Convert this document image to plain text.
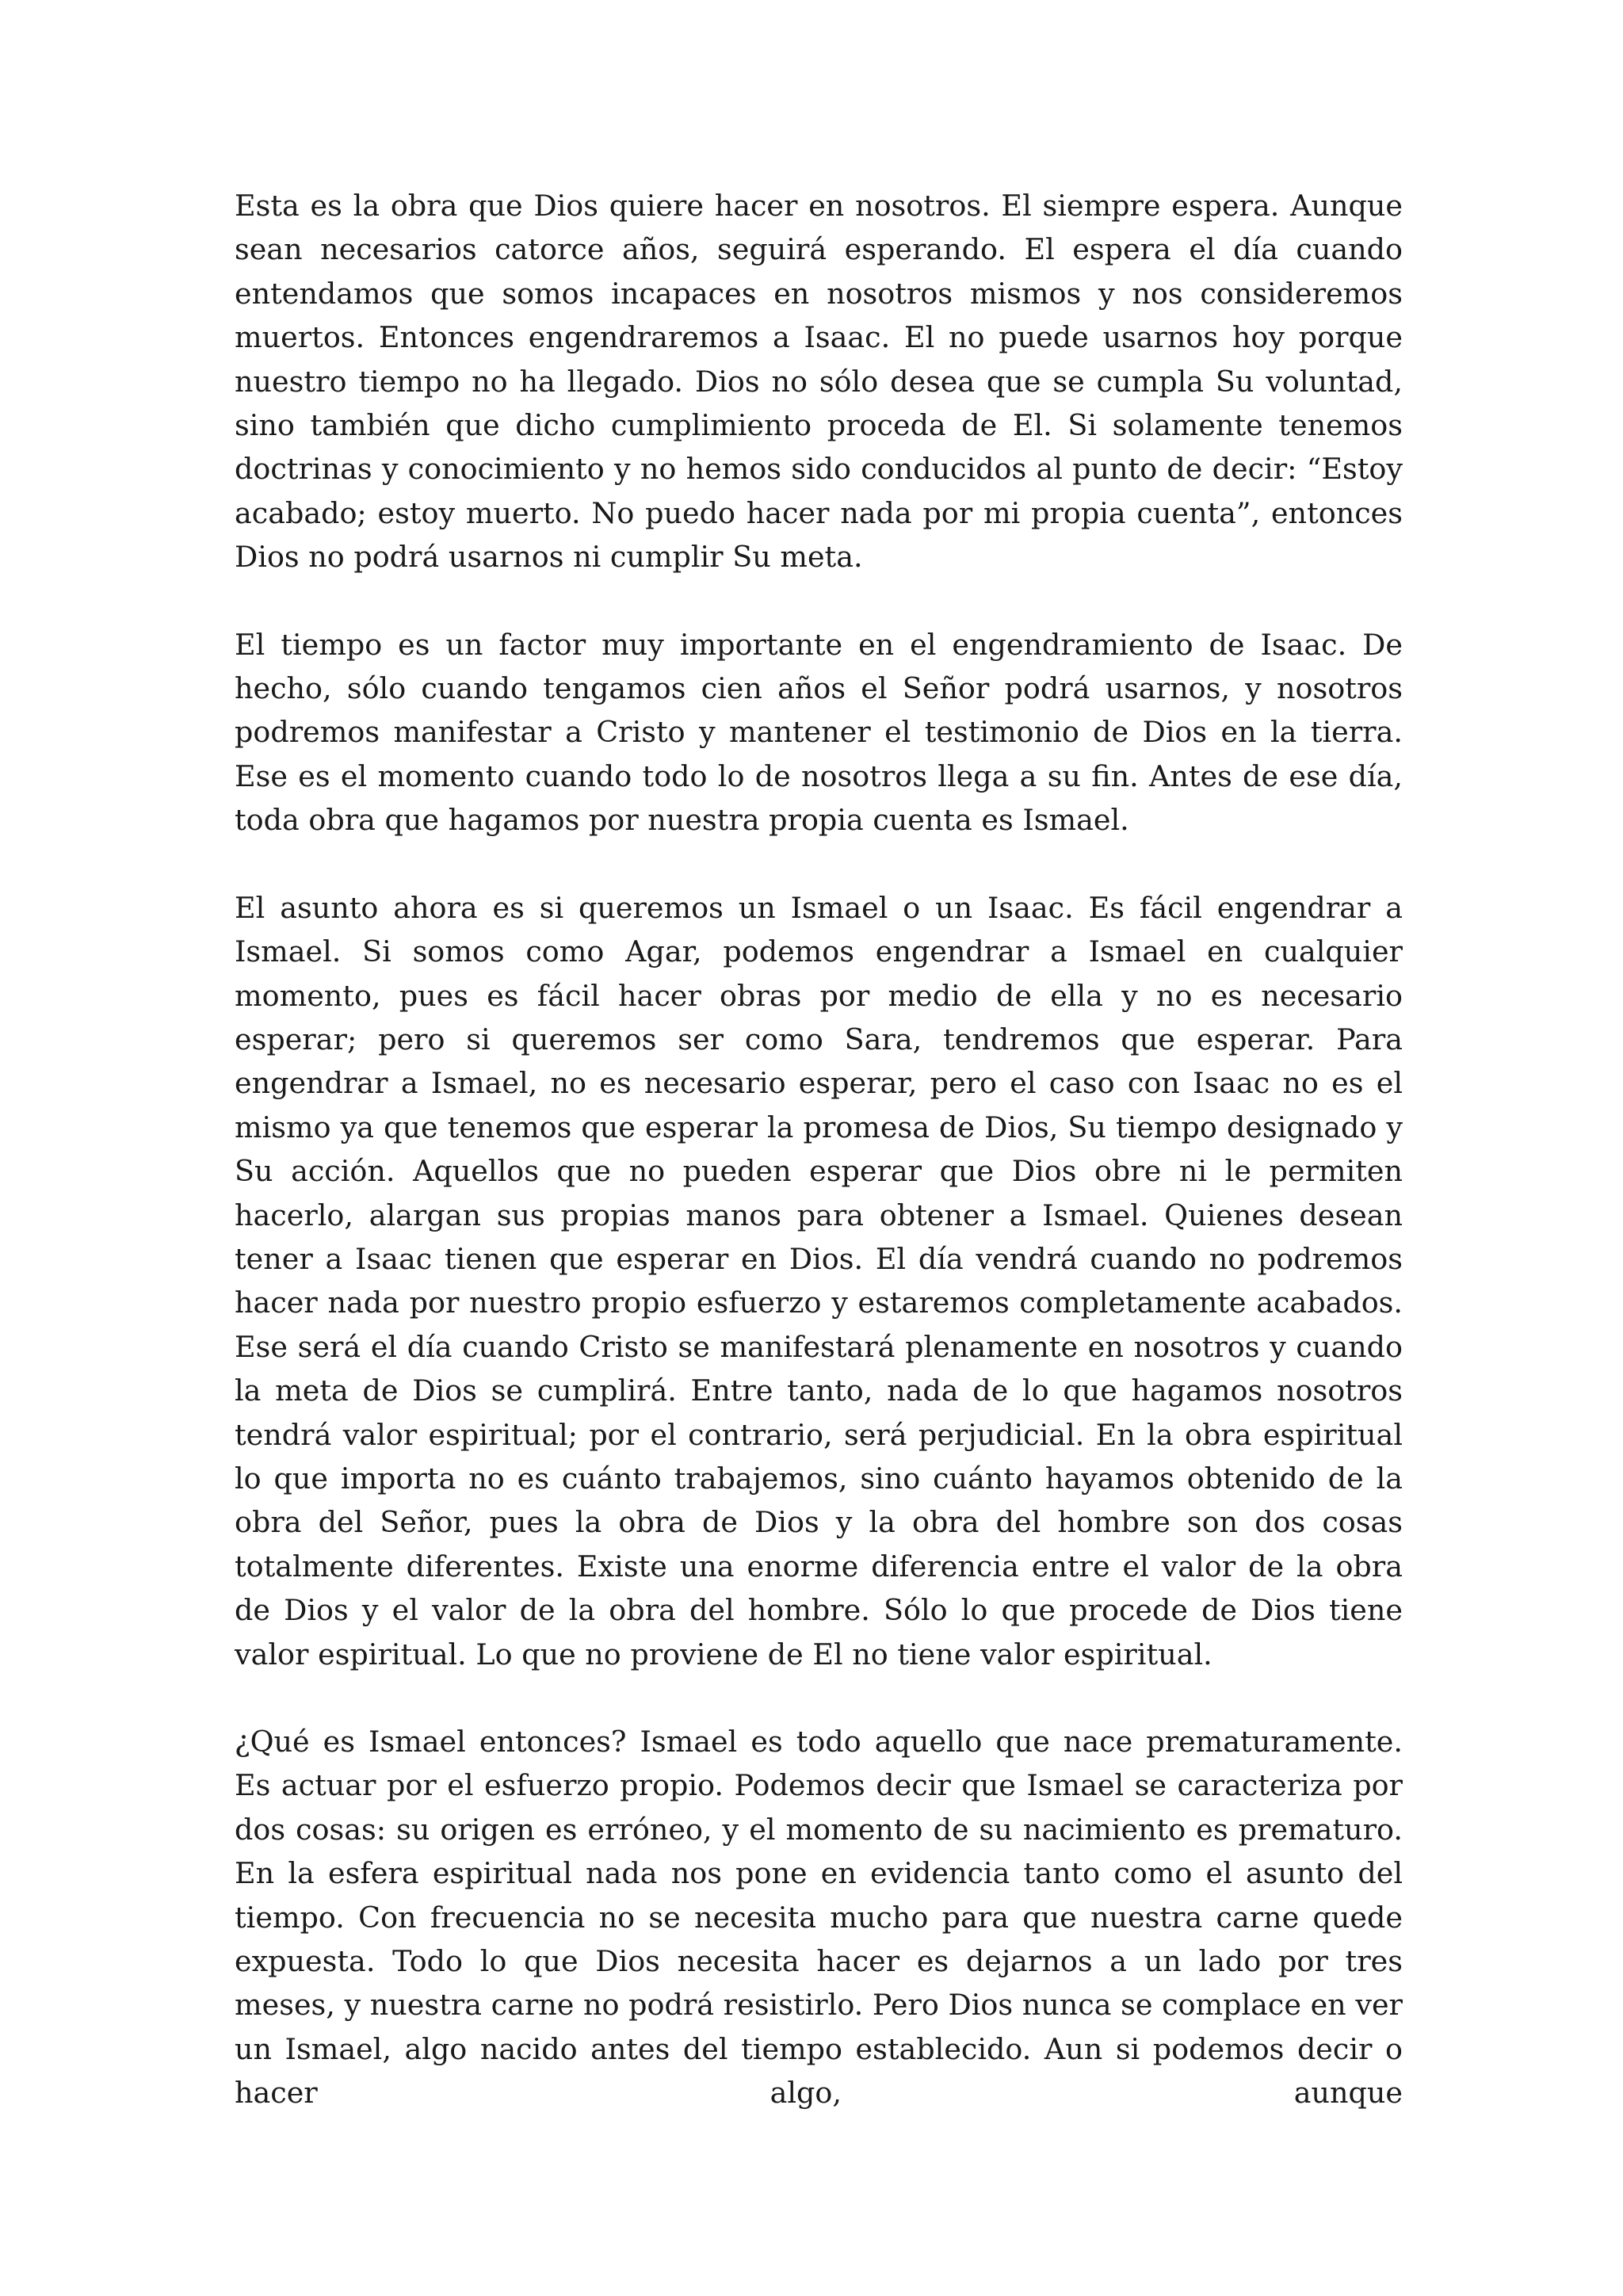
Esta es la obra que Dios quiere hacer en nosotros. El siempre espera. Aunque sean necesarios catorce años, seguirá esperando. El espera el día cuando entendamos que somos incapaces en nosotros mismos y nos consideremos muertos. Entonces engendraremos a Isaac. El no puede usarnos hoy porque nuestro tiempo no ha llegado. Dios no sólo desea que se cumpla Su voluntad, sino también que dicho cumplimiento proceda de El. Si solamente tenemos doctrinas y conocimiento y no hemos sido conducidos al punto de decir: “Estoy acabado; estoy muerto. No puedo hacer nada por mi propia cuenta”, entonces Dios no podrá usarnos ni cumplir Su meta.

El tiempo es un factor muy importante en el engendramiento de Isaac. De hecho, sólo cuando tengamos cien años el Señor podrá usarnos, y nosotros podremos manifestar a Cristo y mantener el testimonio de Dios en la tierra. Ese es el momento cuando todo lo de nosotros llega a su fin. Antes de ese día, toda obra que hagamos por nuestra propia cuenta es Ismael.

El asunto ahora es si queremos un Ismael o un Isaac. Es fácil engendrar a Ismael. Si somos como Agar, podemos engendrar a Ismael en cualquier momento, pues es fácil hacer obras por medio de ella y no es necesario esperar; pero si queremos ser como Sara, tendremos que esperar. Para engendrar a Ismael, no es necesario esperar, pero el caso con Isaac no es el mismo ya que tenemos que esperar la promesa de Dios, Su tiempo designado y Su acción. Aquellos que no pueden esperar que Dios obre ni le permiten hacerlo, alargan sus propias manos para obtener a Ismael. Quienes desean tener a Isaac tienen que esperar en Dios. El día vendrá cuando no podremos hacer nada por nuestro propio esfuerzo y estaremos completamente acabados. Ese será el día cuando Cristo se manifestará plenamente en nosotros y cuando la meta de Dios se cumplirá. Entre tanto, nada de lo que hagamos nosotros tendrá valor espiritual; por el contrario, será perjudicial. En la obra espiritual lo que importa no es cuánto trabajemos, sino cuánto hayamos obtenido de la obra del Señor, pues la obra de Dios y la obra del hombre son dos cosas totalmente diferentes. Existe una enorme diferencia entre el valor de la obra de Dios y el valor de la obra del hombre. Sólo lo que procede de Dios tiene valor espiritual. Lo que no proviene de El no tiene valor espiritual.

¿Qué es Ismael entonces? Ismael es todo aquello que nace prematuramente. Es actuar por el esfuerzo propio. Podemos decir que Ismael se caracteriza por dos cosas: su origen es erróneo, y el momento de su nacimiento es prematuro. En la esfera espiritual nada nos pone en evidencia tanto como el asunto del tiempo. Con frecuencia no se necesita mucho para que nuestra carne quede expuesta. Todo lo que Dios necesita hacer es dejarnos a un lado por tres meses, y nuestra carne no podrá resistirlo. Pero Dios nunca se complace en ver un Ismael, algo nacido antes del tiempo establecido. Aun si podemos decir o hacer algo, aunque
